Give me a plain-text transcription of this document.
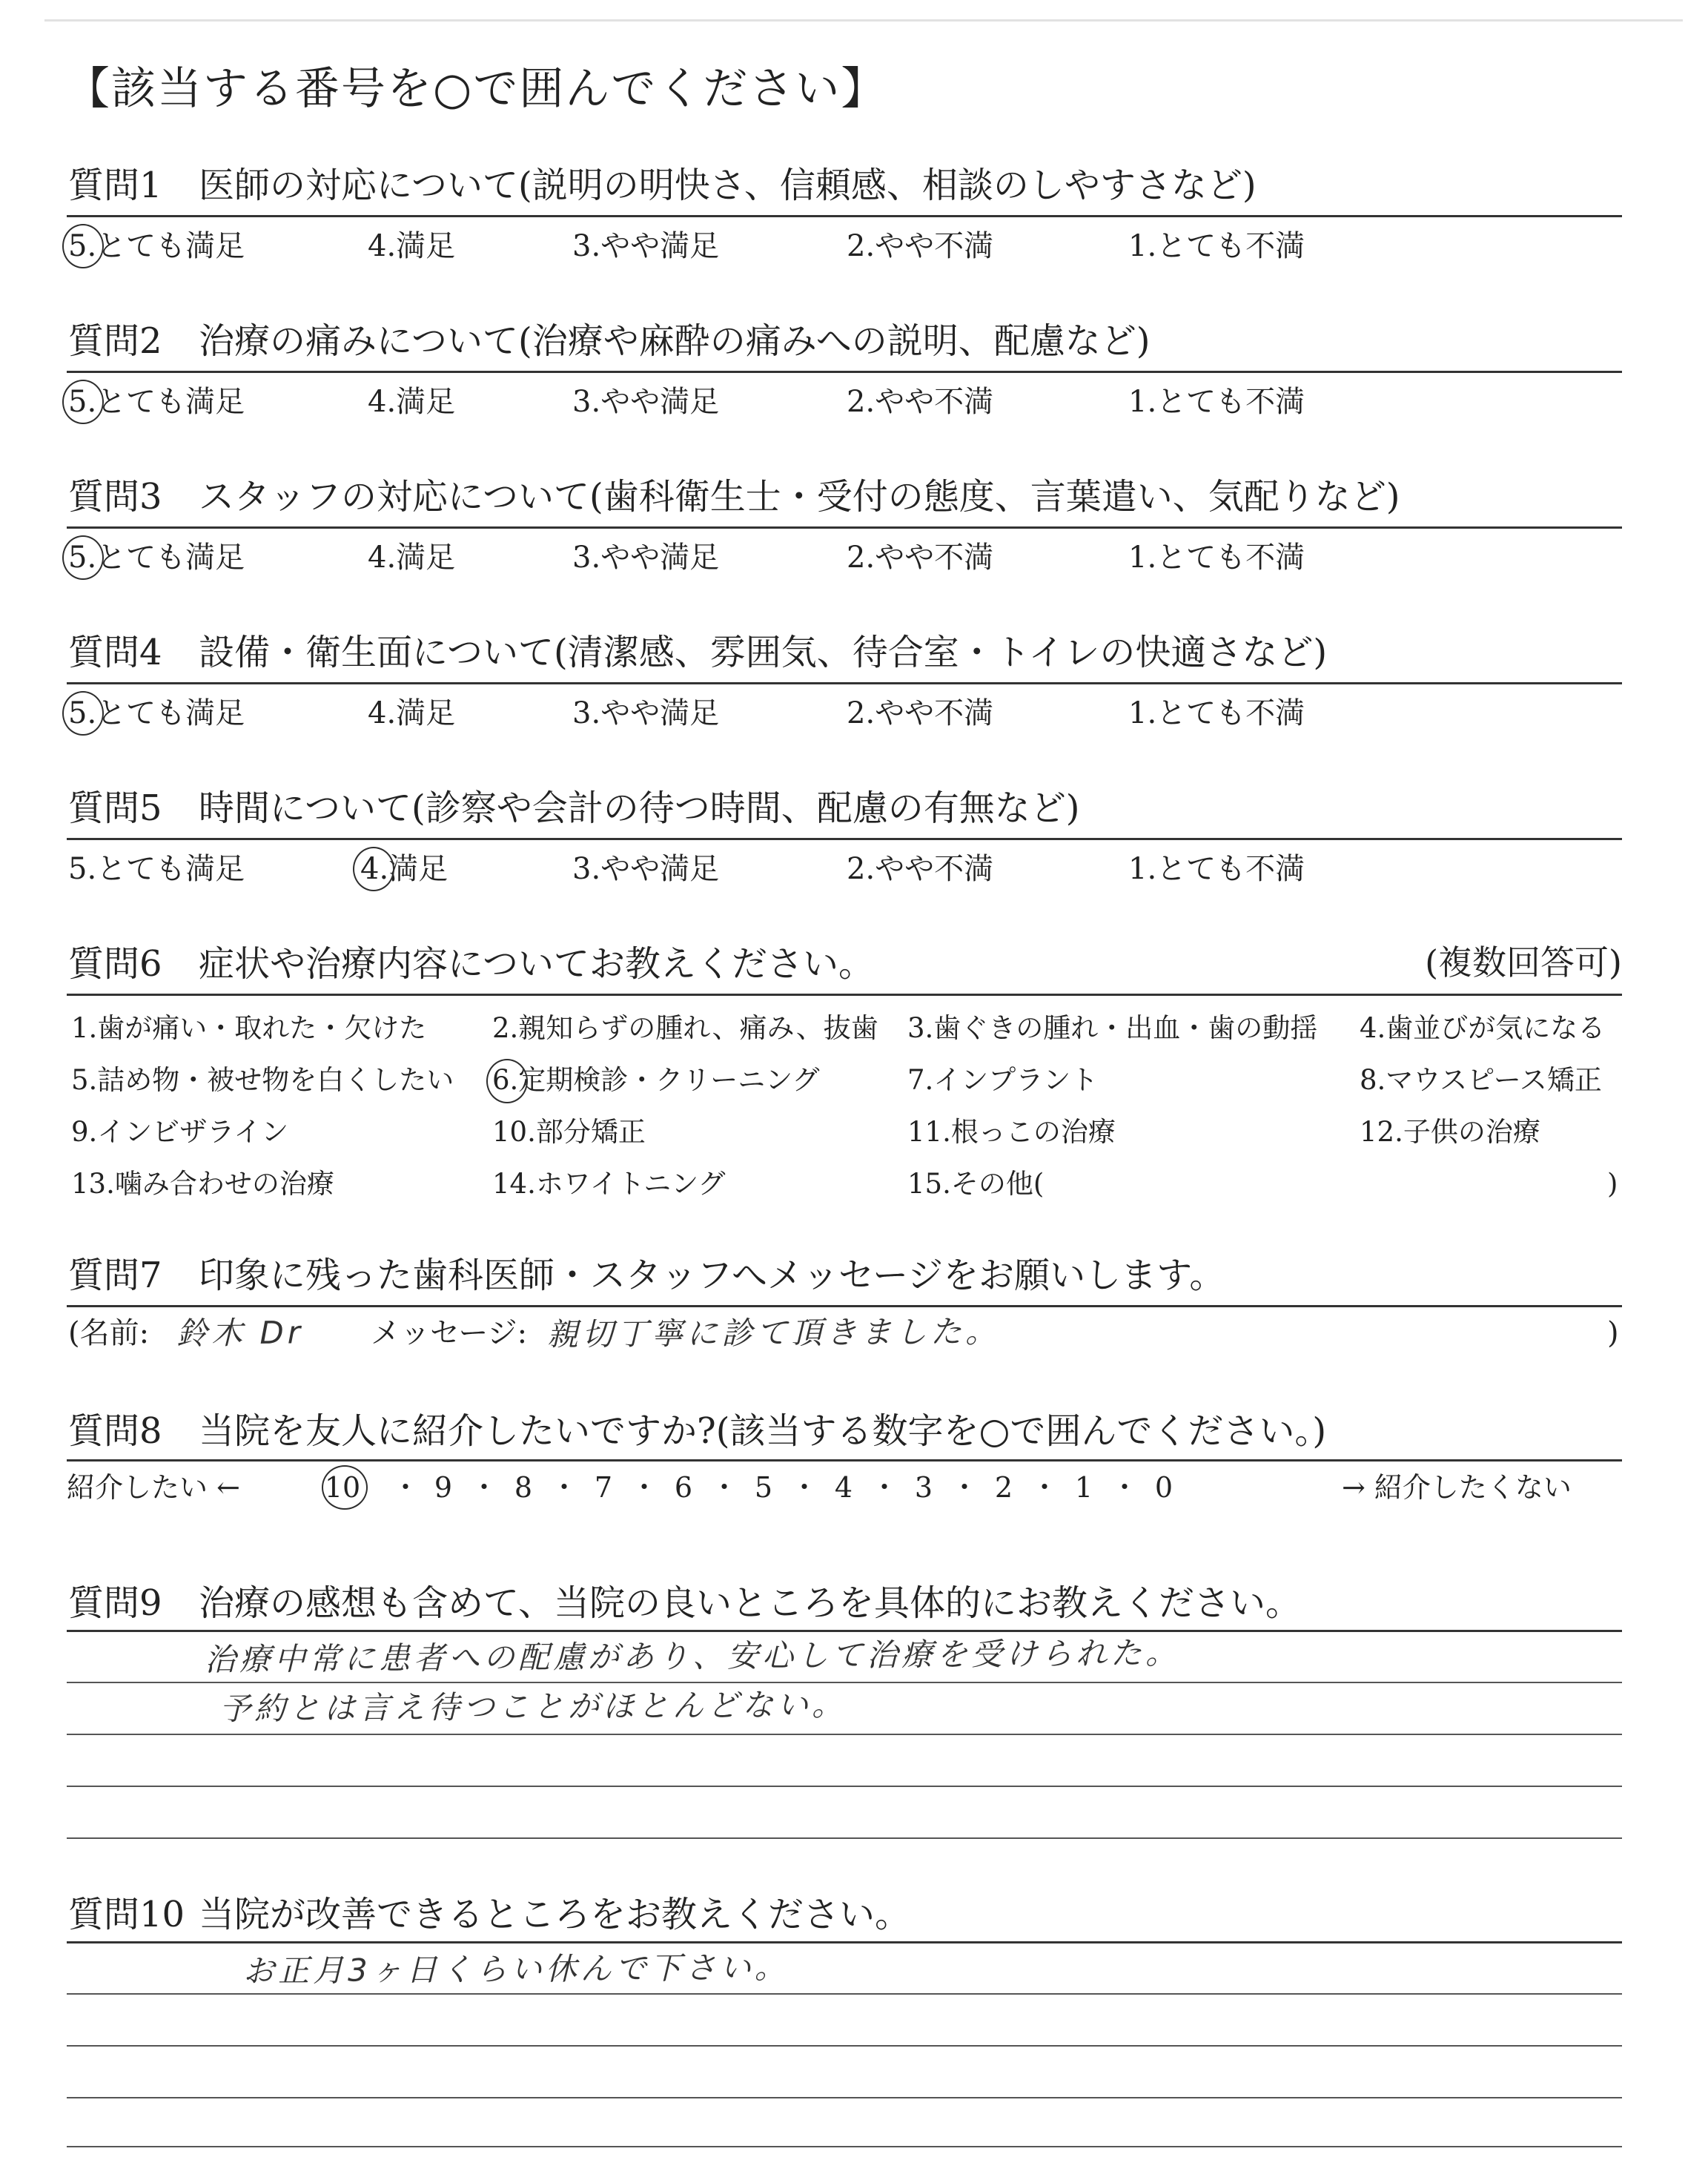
【該当する番号を○で囲んでください】
質問1 医師の対応について(説明の明快さ、信頼感、相談のしやすさなど)
5.とても満足	4.満足	3.やや満足	2.やや不満	1.とても不満
質問2 治療の痛みについて(治療や麻酔の痛みへの説明、配慮など)
5.とても満足	4.満足	3.やや満足	2.やや不満	1.とても不満
質問3 スタッフの対応について(歯科衛生士・受付の態度、言葉遣い、気配りなど)
5.とても満足	4.満足	3.やや満足	2.やや不満	1.とても不満
質問4 設備・衛生面について(清潔感、雰囲気、待合室・トイレの快適さなど)
5.とても満足	4.満足	3.やや満足	2.やや不満	1.とても不満
質問5 時間について(診察や会計の待つ時間、配慮の有無など)
5.とても満足	4.満足	3.やや満足	2.やや不満	1.とても不満
質問6 症状や治療内容についてお教えください。	(複数回答可)
1.歯が痛い・取れた・欠けた 2.親知らずの腫れ、痛み、抜歯 3.歯ぐきの腫れ・出血・歯の動揺 4.歯並びが気になる
5.詰め物・被せ物を白くしたい 6.定期検診・クリーニング	7.インプラント	8.マウスピース矯正
9.インビザライン	10.部分矯正	11.根っこの治療	12.子供の治療
13.噛み合わせの治療	14.ホワイトニング	15.その他(	)
質問7 印象に残った歯科医師・スタッフへメッセージをお願いします。
(名前: 鈴木 Dr メッセージ: 親切丁寧に診て頂きました。	)
質問8 当院を友人に紹介したいですか?(該当する数字を○で囲んでください。)
紹介したい ←	10 ・ 9 ・ 8 ・ 7 ・ 6 ・ 5 ・ 4 ・ 3 ・ 2 ・ 1 ・ 0	→ 紹介したくない
質問9 治療の感想も含めて、当院の良いところを具体的にお教えください。
治療中常に患者への配慮があり、安心して治療を受けられた。
予約とは言え待つことがほとんどない。
質問10 当院が改善できるところをお教えください。
お正月3ヶ日くらい休んで下さい。
